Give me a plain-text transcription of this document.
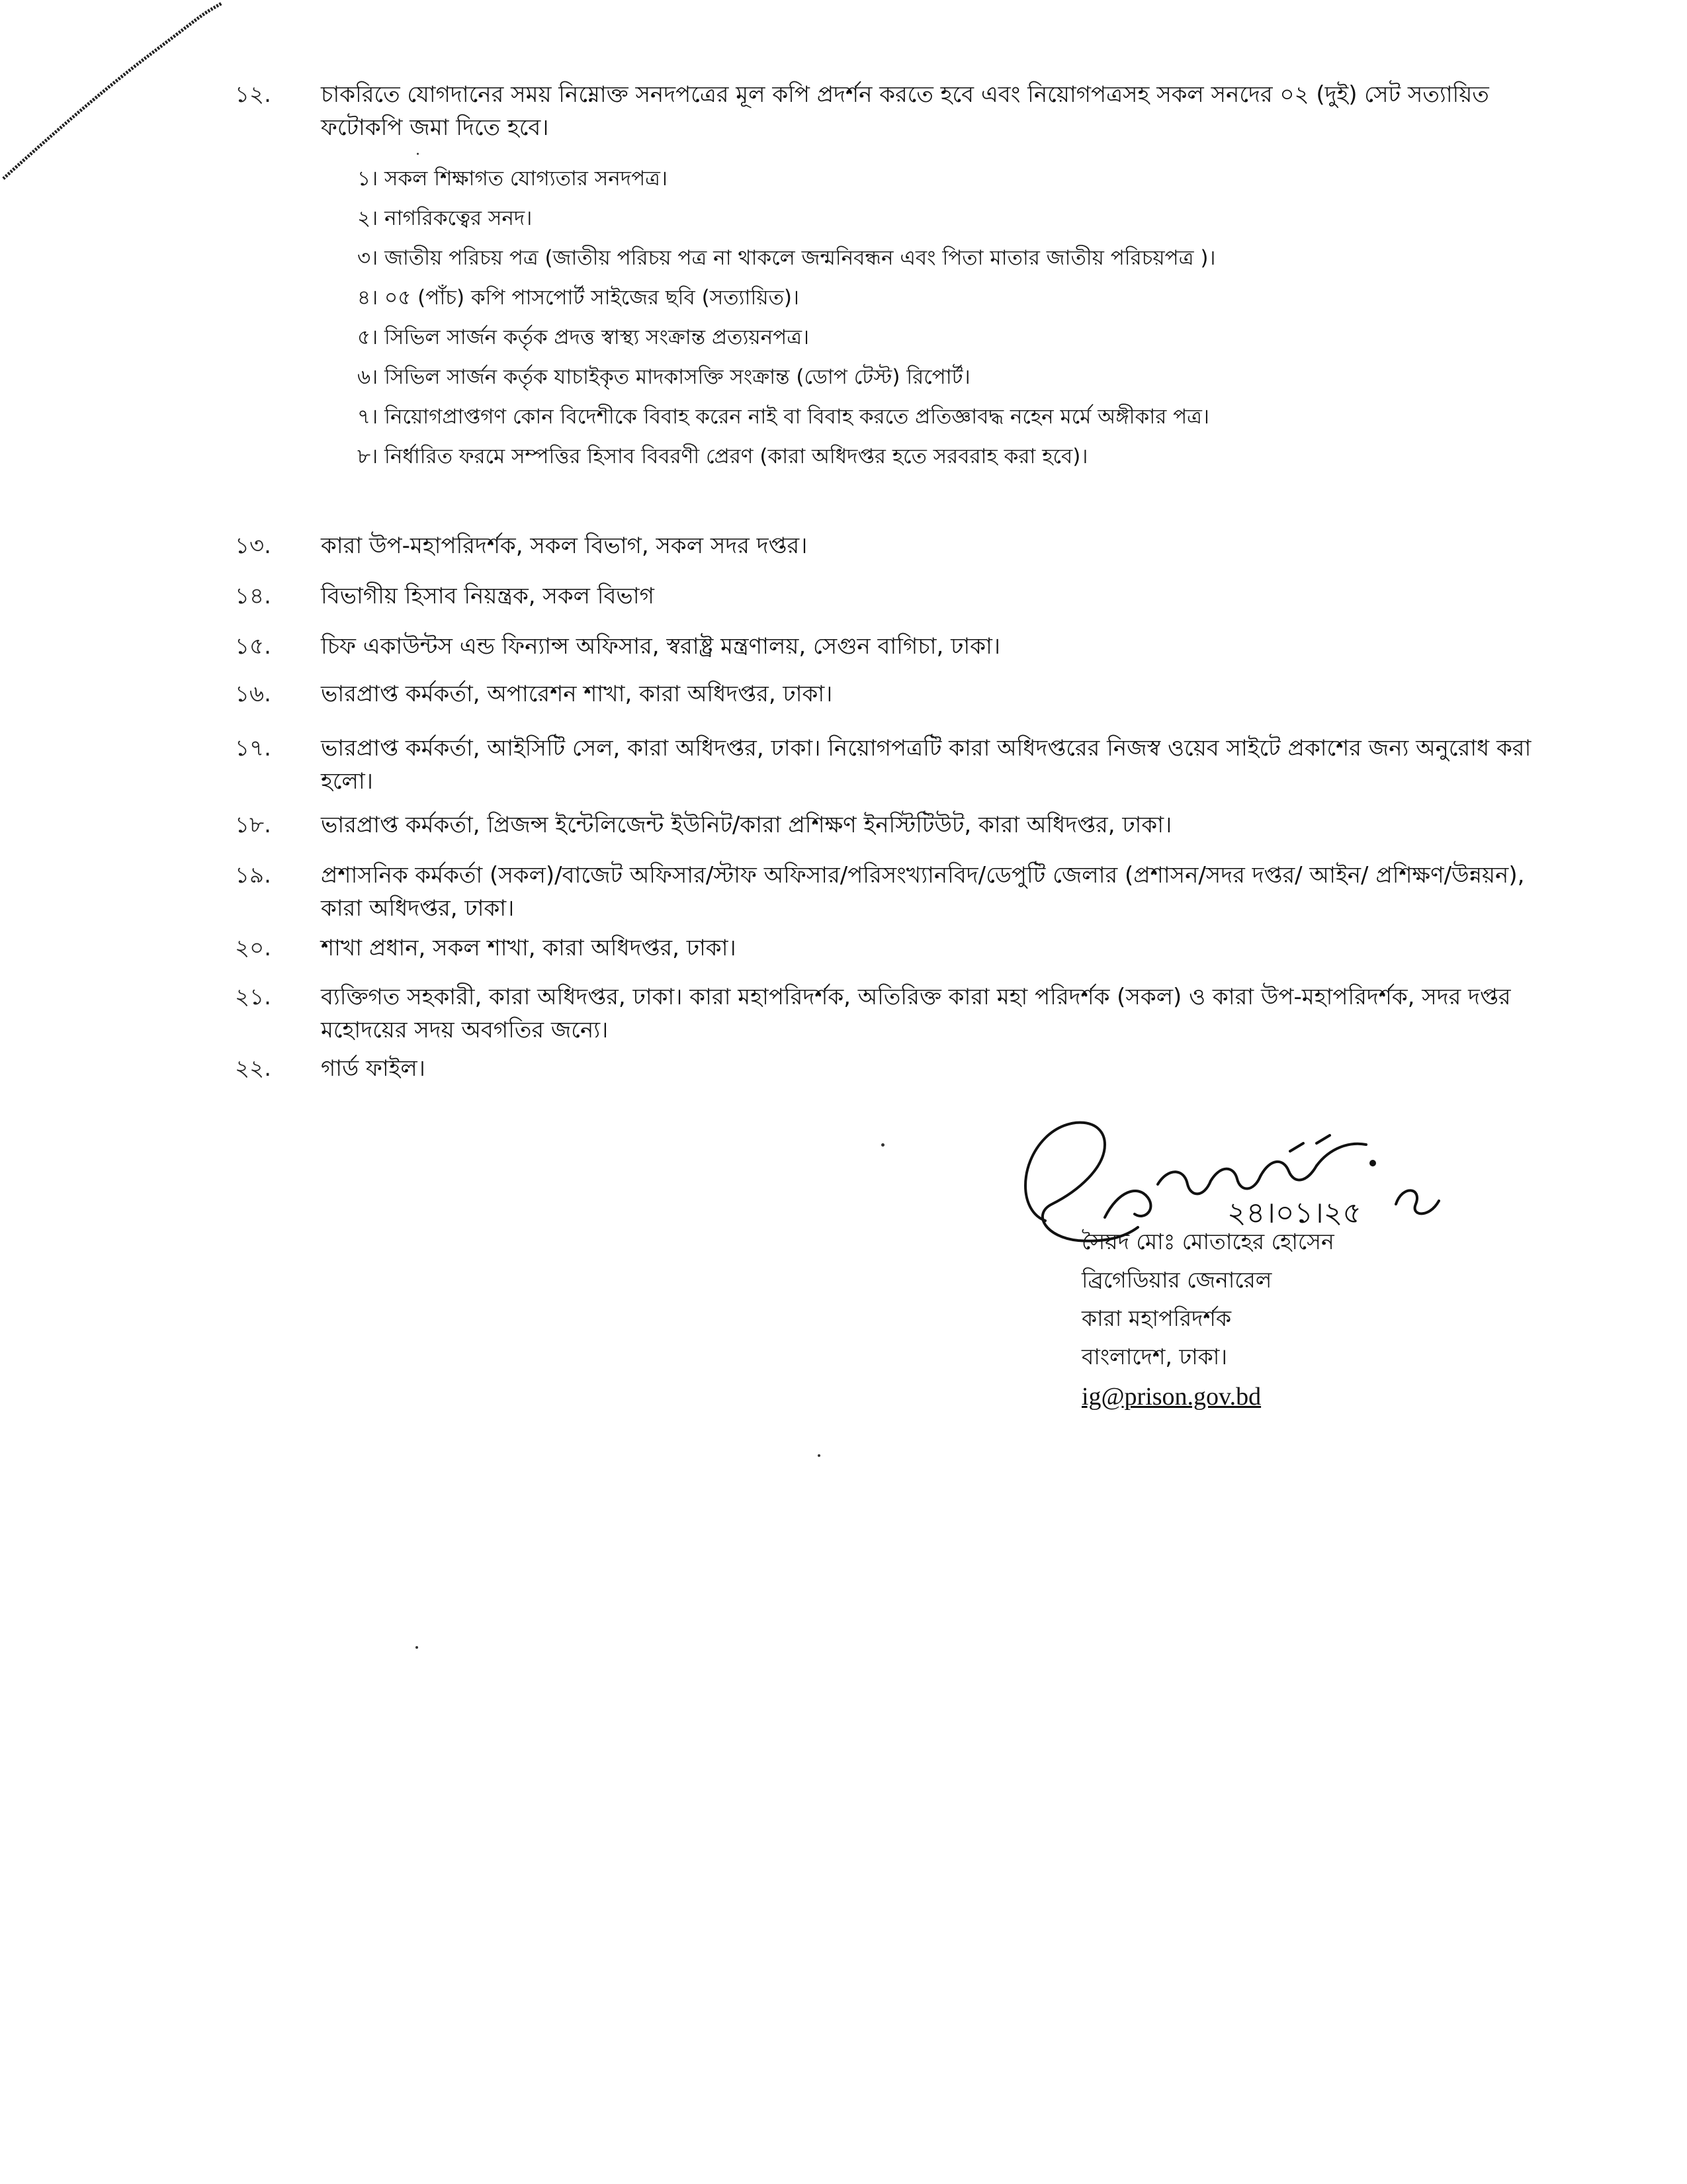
১২.	চাকরিতে যোগদানের সময় নিম্নোক্ত সনদপত্রের মূল কপি প্রদর্শন করতে হবে এবং নিয়োগপত্রসহ সকল সনদের ০২ (দুই) সেট সত্যায়িত ফটোকপি জমা দিতে হবে।
১। সকল শিক্ষাগত যোগ্যতার সনদপত্র।
২। নাগরিকত্বের সনদ।
৩। জাতীয় পরিচয় পত্র (জাতীয় পরিচয় পত্র না থাকলে জন্মনিবন্ধন এবং পিতা মাতার জাতীয় পরিচয়পত্র )।
৪। ০৫ (পাঁচ) কপি পাসপোর্ট সাইজের ছবি (সত্যায়িত)।
৫। সিভিল সার্জন কর্তৃক প্রদত্ত স্বাস্থ্য সংক্রান্ত প্রত্যয়নপত্র।
৬। সিভিল সার্জন কর্তৃক যাচাইকৃত মাদকাসক্তি সংক্রান্ত (ডোপ টেস্ট) রিপোর্ট।
৭। নিয়োগপ্রাপ্তগণ কোন বিদেশীকে বিবাহ করেন নাই বা বিবাহ করতে প্রতিজ্ঞাবদ্ধ নহেন মর্মে অঙ্গীকার পত্র।
৮। নির্ধারিত ফরমে সম্পত্তির হিসাব বিবরণী প্রেরণ (কারা অধিদপ্তর হতে সরবরাহ করা হবে)।
১৩.	কারা উপ-মহাপরিদর্শক, সকল বিভাগ, সকল সদর দপ্তর।
১৪.	বিভাগীয় হিসাব নিয়ন্ত্রক, সকল বিভাগ
১৫.	চিফ একাউন্টস এন্ড ফিন্যান্স অফিসার, স্বরাষ্ট্র মন্ত্রণালয়, সেগুন বাগিচা, ঢাকা।
১৬.	ভারপ্রাপ্ত কর্মকর্তা, অপারেশন শাখা, কারা অধিদপ্তর, ঢাকা।
১৭.	ভারপ্রাপ্ত কর্মকর্তা, আইসিটি সেল, কারা অধিদপ্তর, ঢাকা। নিয়োগপত্রটি কারা অধিদপ্তরের নিজস্ব ওয়েব সাইটে প্রকাশের জন্য অনুরোধ করা হলো।
১৮.	ভারপ্রাপ্ত কর্মকর্তা, প্রিজন্স ইন্টেলিজেন্ট ইউনিট/কারা প্রশিক্ষণ ইনস্টিটিউট, কারা অধিদপ্তর, ঢাকা।
১৯.	প্রশাসনিক কর্মকর্তা (সকল)/বাজেট অফিসার/স্টাফ অফিসার/পরিসংখ্যানবিদ/ডেপুটি জেলার (প্রশাসন/সদর দপ্তর/ আইন/ প্রশিক্ষণ/উন্নয়ন), কারা অধিদপ্তর, ঢাকা।
২০.	শাখা প্রধান, সকল শাখা, কারা অধিদপ্তর, ঢাকা।
২১.	ব্যক্তিগত সহকারী, কারা অধিদপ্তর, ঢাকা। কারা মহাপরিদর্শক, অতিরিক্ত কারা মহা পরিদর্শক (সকল) ও কারা উপ-মহাপরিদর্শক, সদর দপ্তর মহোদয়ের সদয় অবগতির জন্যে।
২২.	গার্ড ফাইল।
২৪।০১।২৫
সৈয়দ মোঃ মোতাহের হোসেন
ব্রিগেডিয়ার জেনারেল
কারা মহাপরিদর্শক
বাংলাদেশ, ঢাকা।
ig@prison.gov.bd
